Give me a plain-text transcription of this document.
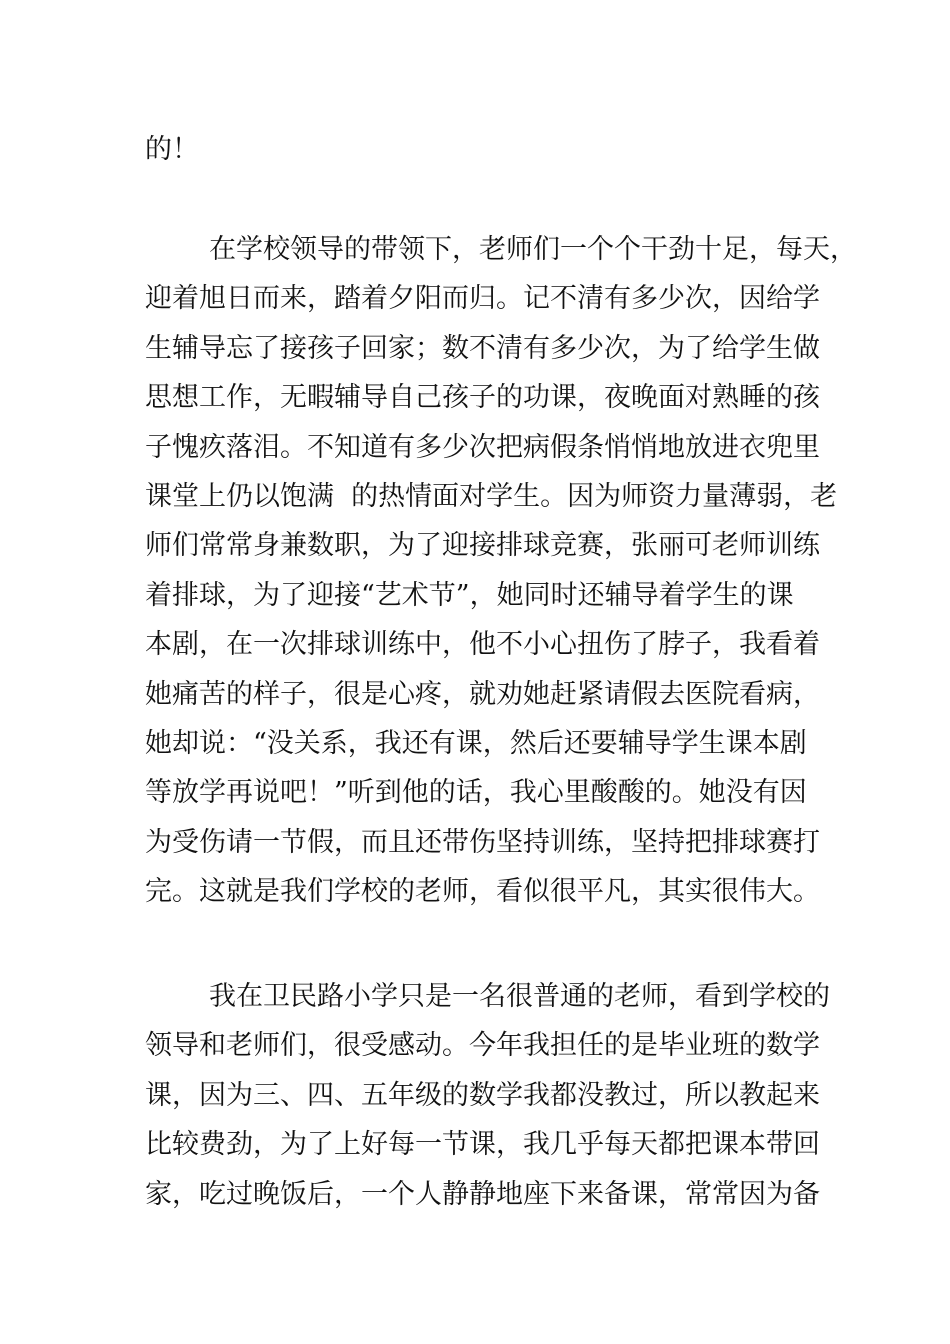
的！
在学校领导的带领下，老师们一个个干劲十足，每天，
迎着旭日而来，踏着夕阳而归。记不清有多少次，因给学
生辅导忘了接孩子回家；数不清有多少次，为了给学生做
思想工作，无暇辅导自己孩子的功课，夜晚面对熟睡的孩
子愧疚落泪。不知道有多少次把病假条悄悄地放进衣兜里
课堂上仍以饱满  的热情面对学生。因为师资力量薄弱，老
师们常常身兼数职，为了迎接排球竞赛，张丽可老师训练
着排球，为了迎接“艺术节”，她同时还辅导着学生的课
本剧，在一次排球训练中，他不小心扭伤了脖子，我看着
她痛苦的样子，很是心疼，就劝她赶紧请假去医院看病，
她却说：“没关系，我还有课，然后还要辅导学生课本剧
等放学再说吧！”听到他的话，我心里酸酸的。她没有因
为受伤请一节假，而且还带伤坚持训练，坚持把排球赛打
完。这就是我们学校的老师，看似很平凡，其实很伟大。
我在卫民路小学只是一名很普通的老师，看到学校的
领导和老师们，很受感动。今年我担任的是毕业班的数学
课，因为三、四、五年级的数学我都没教过，所以教起来
比较费劲，为了上好每一节课，我几乎每天都把课本带回
家，吃过晚饭后，一个人静静地座下来备课，常常因为备
